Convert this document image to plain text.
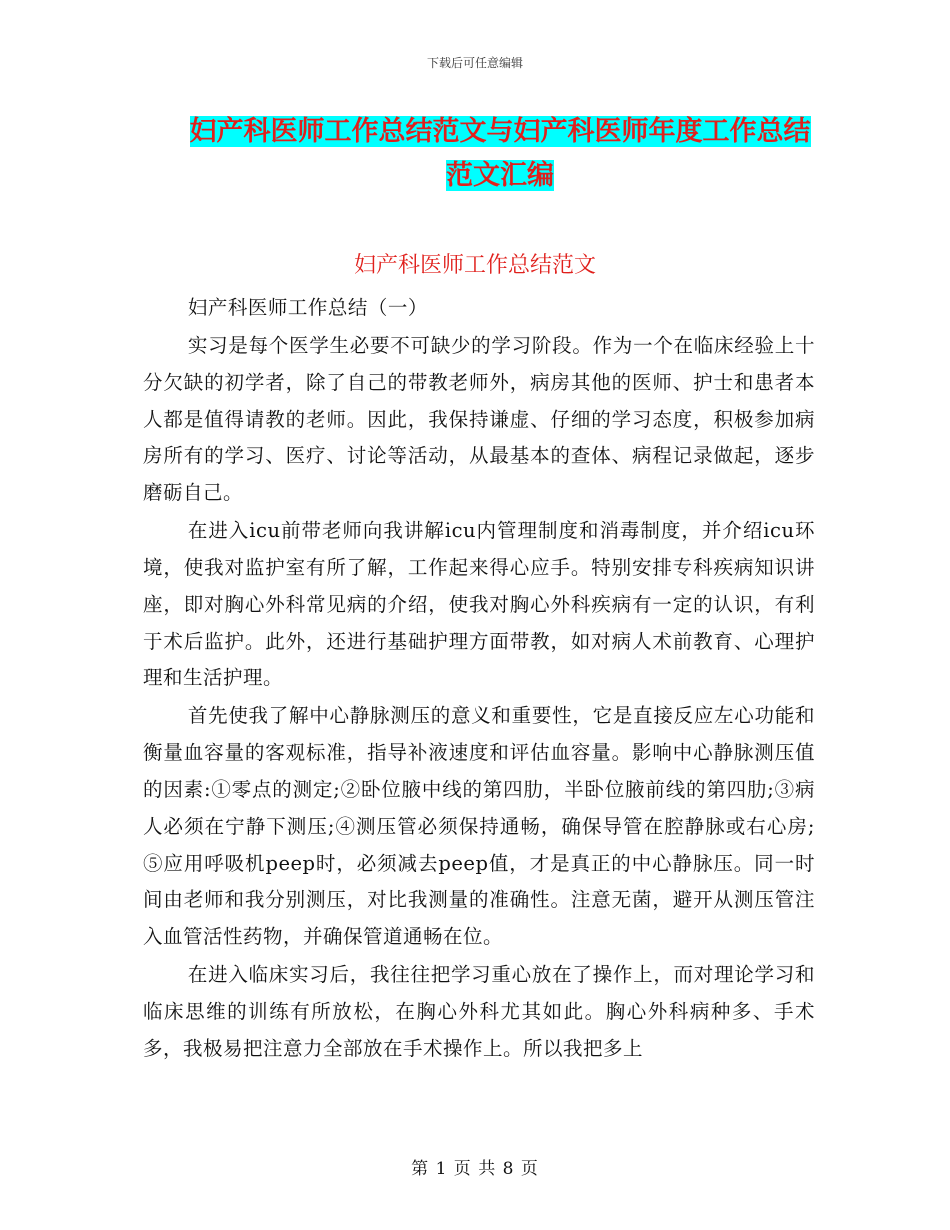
下载后可任意编辑
妇产科医师工作总结范文与妇产科医师年度工作总结
范文汇编
妇产科医师工作总结范文

妇产科医师工作总结（一）

实习是每个医学生必要不可缺少的学习阶段。作为一个在临床经验上十分欠缺的初学者，除了自己的带教老师外，病房其他的医师、护士和患者本人都是值得请教的老师。因此，我保持谦虚、仔细的学习态度，积极参加病房所有的学习、医疗、讨论等活动，从最基本的查体、病程记录做起，逐步磨砺自己。

在进入icu前带老师向我讲解icu内管理制度和消毒制度，并介绍icu环境，使我对监护室有所了解，工作起来得心应手。特别安排专科疾病知识讲座，即对胸心外科常见病的介绍，使我对胸心外科疾病有一定的认识，有利于术后监护。此外，还进行基础护理方面带教，如对病人术前教育、心理护理和生活护理。

首先使我了解中心静脉测压的意义和重要性，它是直接反应左心功能和衡量血容量的客观标准，指导补液速度和评估血容量。影响中心静脉测压值的因素:①零点的测定;②卧位腋中线的第四肋，半卧位腋前线的第四肋;③病人必须在宁静下测压;④测压管必须保持通畅，确保导管在腔静脉或右心房;⑤应用呼吸机peep时，必须减去peep值，才是真正的中心静脉压。同一时间由老师和我分别测压，对比我测量的准确性。注意无菌，避开从测压管注入血管活性药物，并确保管道通畅在位。

在进入临床实习后，我往往把学习重心放在了操作上，而对理论学习和临床思维的训练有所放松，在胸心外科尤其如此。胸心外科病种多、手术多，我极易把注意力全部放在手术操作上。所以我把多上

第 1 页 共 8 页
